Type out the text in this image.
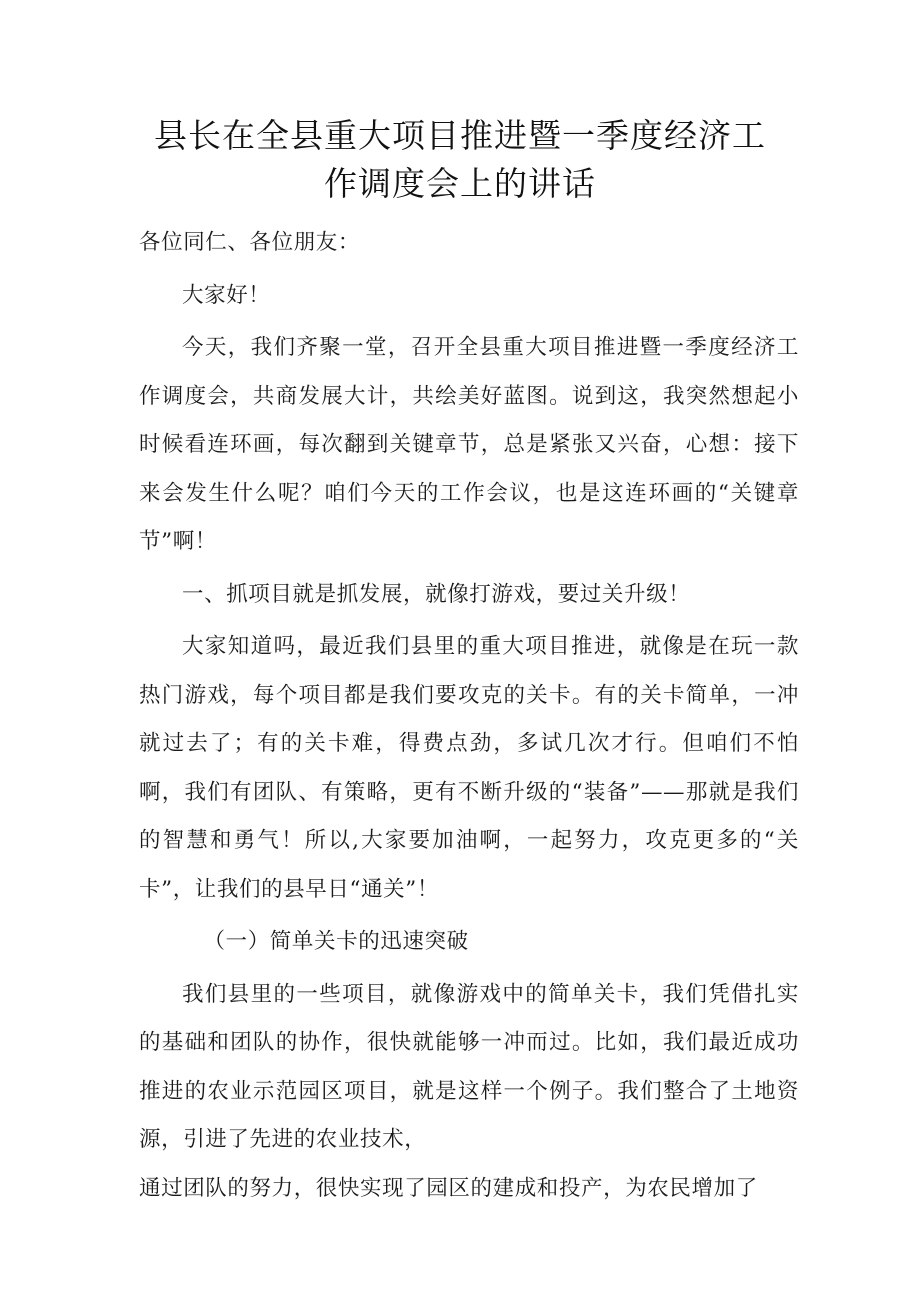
县长在全县重大项目推进暨一季度经济工
作调度会上的讲话

各位同仁、各位朋友：

大家好！

今天，我们齐聚一堂，召开全县重大项目推进暨一季度经济工作调度会，共商发展大计，共绘美好蓝图。说到这，我突然想起小时候看连环画，每次翻到关键章节，总是紧张又兴奋，心想：接下来会发生什么呢？咱们今天的工作会议，也是这连环画的“关键章节”啊！

一、抓项目就是抓发展，就像打游戏，要过关升级！

大家知道吗，最近我们县里的重大项目推进，就像是在玩一款热门游戏，每个项目都是我们要攻克的关卡。有的关卡简单，一冲就过去了；有的关卡难，得费点劲，多试几次才行。但咱们不怕啊，我们有团队、有策略，更有不断升级的“装备”——那就是我们的智慧和勇气！所以,大家要加油啊，一起努力，攻克更多的“关卡”，让我们的县早日“通关”！

（一）简单关卡的迅速突破

我们县里的一些项目，就像游戏中的简单关卡，我们凭借扎实的基础和团队的协作，很快就能够一冲而过。比如，我们最近成功推进的农业示范园区项目，就是这样一个例子。我们整合了土地资源，引进了先进的农业技术，

通过团队的努力，很快实现了园区的建成和投产，为农民增加了
